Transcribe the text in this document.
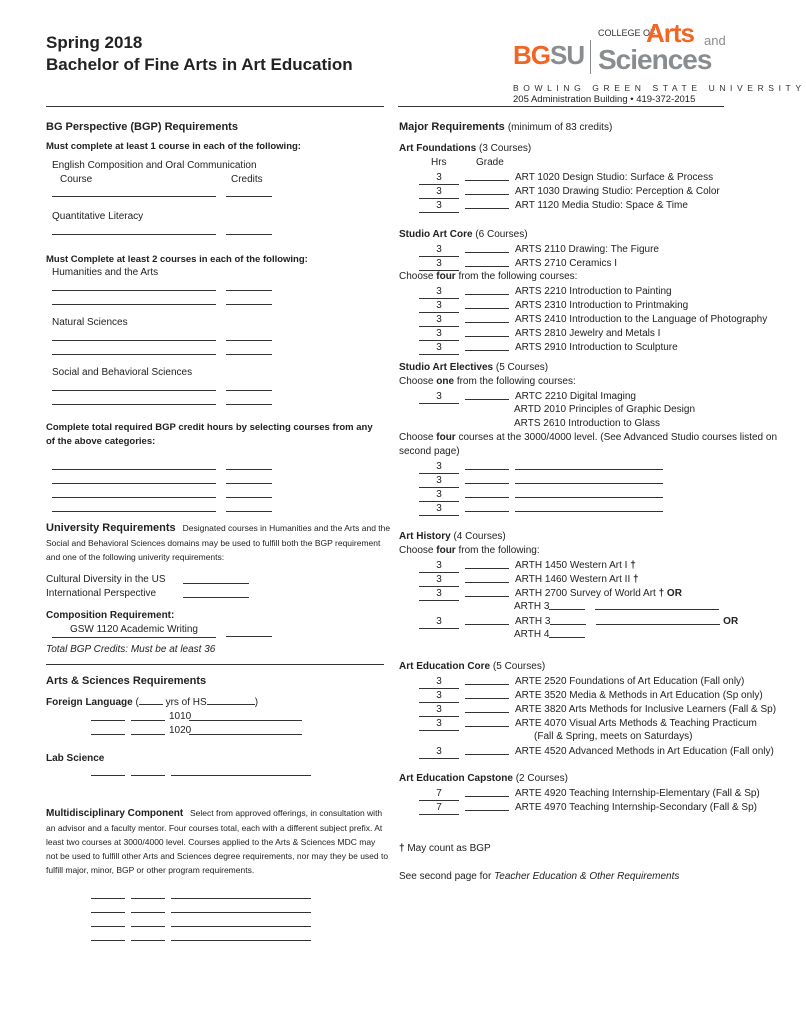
Spring 2018
Bachelor of Fine Arts in Art Education	BGSU
COLLEGE OF
Arts and
Sciences
BOWLING GREEN STATE UNIVERSITY
205 Administration Building • 419-372-2015
BG Perspective (BGP) Requirements
Must complete at least 1 course in each of the following:
English Composition and Oral Communication
Course	Credits
Quantitative Literacy
Must Complete at least 2 courses in each of the following:
Humanities and the Arts
Natural Sciences
Social and Behavioral Sciences
Complete total required BGP credit hours by selecting courses from any
of the above categories:
University Requirements Designated courses in Humanities and the Arts and the
Social and Behavioral Sciences domains may be used to fulfill both the BGP requirement
and one of the following univerity requirements:
Cultural Diversity in the US
International Perspective
Composition Requirement:
GSW 1120 Academic Writing
Total BGP Credits: Must be at least 36
Arts & Sciences Requirements
Foreign Language (	yrs of HS	)
1010
1020
Lab Science
Multidisciplinary Component Select from approved offerings, in consultation with
an advisor and a faculty mentor. Four courses total, each with a different subject prefix. At
least two courses at 3000/4000 level. Courses applied to the Arts & Sciences MDC may
not be used to fulfill other Arts and Sciences degree requirements, nor may they be used to
fulfill major, minor, BGP or other program requirements.
Major Requirements (minimum of 83 credits)
Art Foundations (3 Courses)
Hrs	Grade
Studio Art Core (6 Courses)
Choose four from the following courses:
Studio Art Electives (5 Courses)
Choose one from the following courses:
Choose four courses at the 3000/4000 level. (See Advanced Studio courses listed on
second page)
Art History (4 Courses)
Choose four from the following:
Art Education Core (5 Courses)
Art Education Capstone (2 Courses)
† May count as BGP
See second page for Teacher Education & Other Requirements
3	ART 1020 Design Studio: Surface & Process
3	ART 1030 Drawing Studio: Perception & Color
3	ART 1120 Media Studio: Space & Time
3	ARTS 2110 Drawing: The Figure
3	ARTS 2710 Ceramics I
3	ARTS 2210 Introduction to Painting
3	ARTS 2310 Introduction to Printmaking
3	ARTS 2410 Introduction to the Language of Photography
3	ARTS 2810 Jewelry and Metals I
3	ARTS 2910 Introduction to Sculpture
3	ARTC 2210 Digital Imaging
ARTD 2010 Principles of Graphic Design
ARTS 2610 Introduction to Glass
3
3
3
3
3	ARTH 1450 Western Art I †
3	ARTH 1460 Western Art II †
3	ARTH 2700 Survey of World Art † OR
ARTH 3
3	ARTH 3	OR
ARTH 4
3	ARTE 2520 Foundations of Art Education (Fall only)
3	ARTE 3520 Media & Methods in Art Education (Sp only)
3	ARTE 3820 Arts Methods for Inclusive Learners (Fall & Sp)
3	ARTE 4070 Visual Arts Methods & Teaching Practicum
(Fall & Spring, meets on Saturdays)
3	ARTE 4520 Advanced Methods in Art Education (Fall only)
7	ARTE 4920 Teaching Internship-Elementary (Fall & Sp)
7	ARTE 4970 Teaching Internship-Secondary (Fall & Sp)
